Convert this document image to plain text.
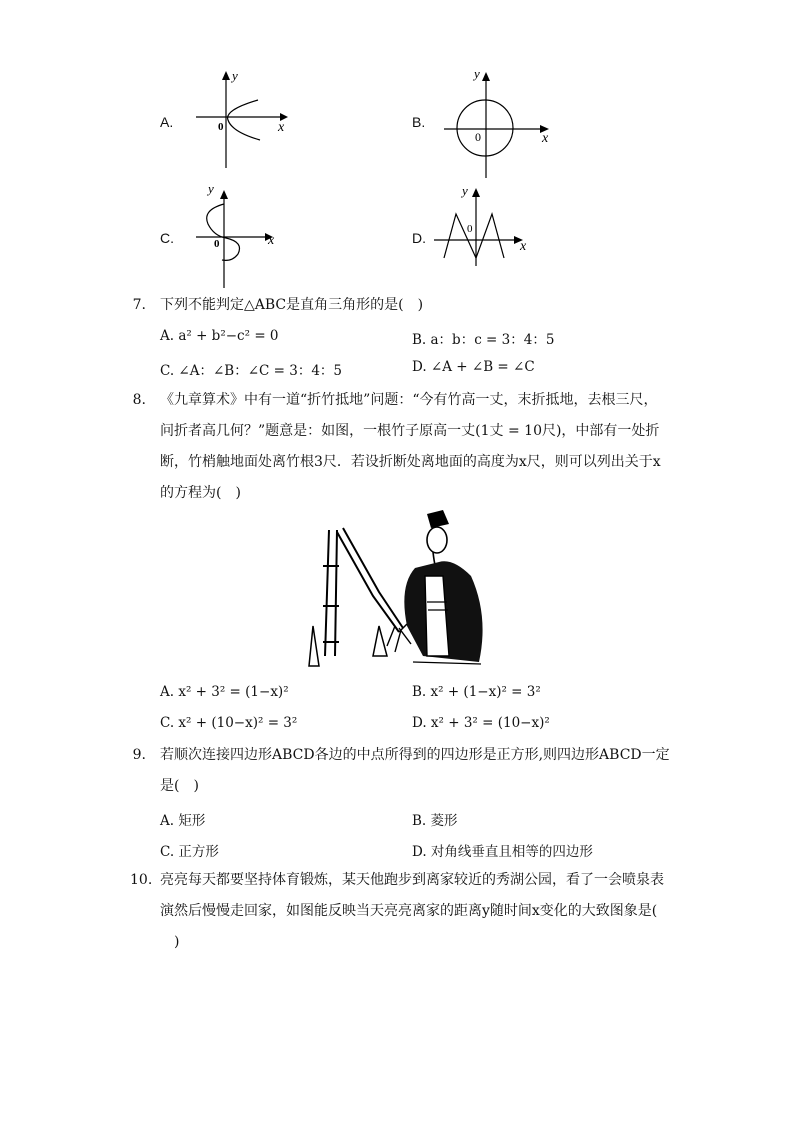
A.
y
x
0	B.
y
x
0
C.
y
x
0	D.
y
x
0
7. 下列不能判定△ABC是直角三角形的是(　)
A. a² + b²−c² = 0	B. a：b：c = 3：4：5
C. ∠A：∠B：∠C = 3：4：5	D. ∠A + ∠B = ∠C
8. 《九章算术》中有一道“折竹抵地”问题：“今有竹高一丈，末折抵地，去根三尺，
问折者高几何？”题意是：如图，一根竹子原高一丈(1丈 = 10尺)，中部有一处折
断，竹梢触地面处离竹根3尺．若设折断处离地面的高度为x尺，则可以列出关于x
的方程为(　)
A. x² + 3² = (1−x)²	B. x² + (1−x)² = 3²
C. x² + (10−x)² = 3²	D. x² + 3² = (10−x)²
9. 若顺次连接四边形ABCD各边的中点所得到的四边形是正方形,则四边形ABCD一定
是(　)
A. 矩形	B. 菱形
C. 正方形	D. 对角线垂直且相等的四边形
10. 亮亮每天都要坚持体育锻炼，某天他跑步到离家较近的秀湖公园，看了一会喷泉表
演然后慢慢走回家，如图能反映当天亮亮离家的距离y随时间x变化的大致图象是(
　)
